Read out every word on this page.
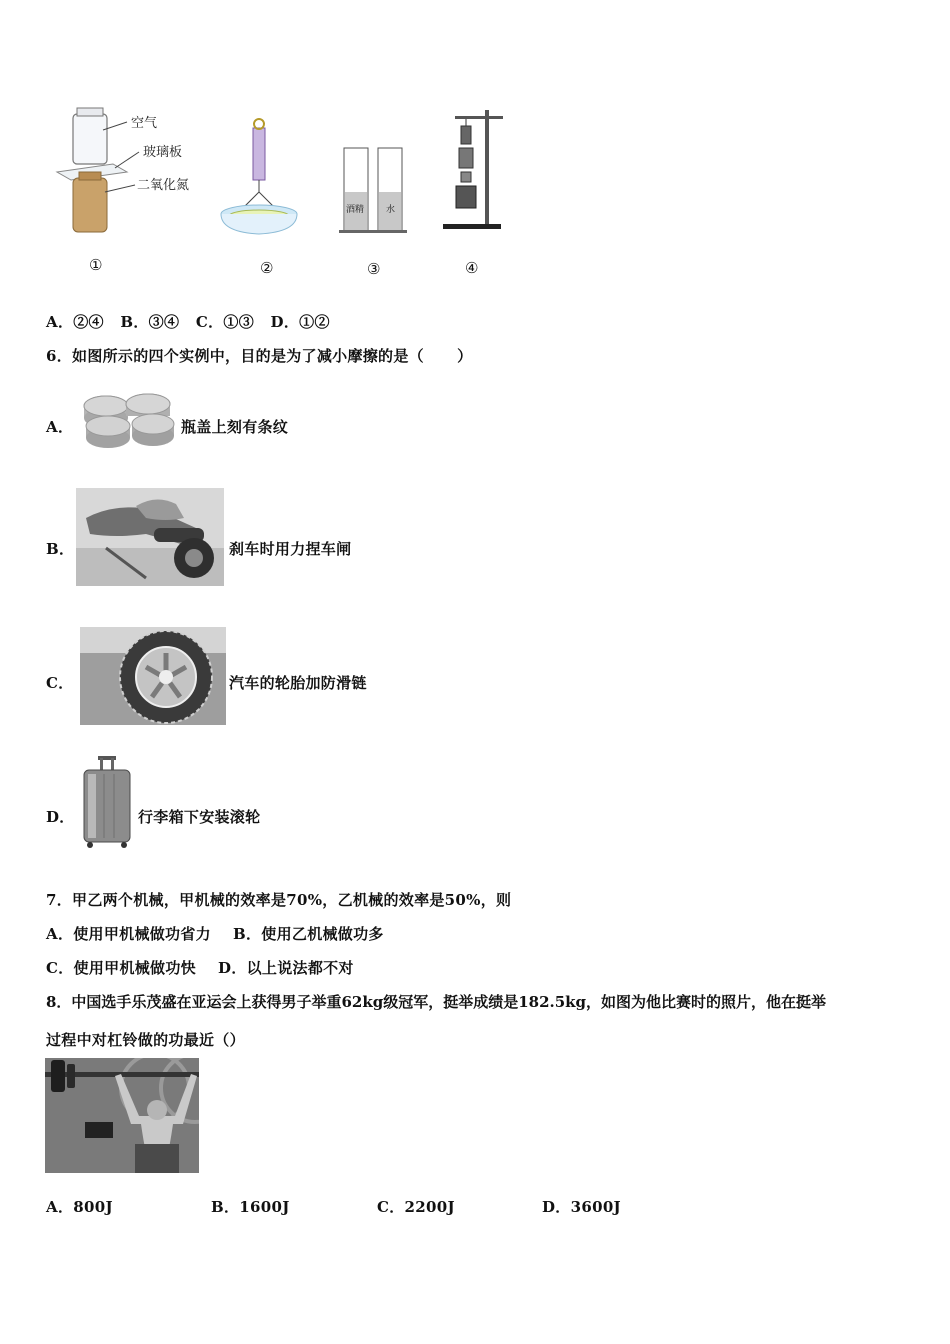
空气
玻璃板
二氧化氮
酒精 水
①	②	③	④
A．②④   B．③④   C．①③   D．①②
6．如图所示的四个实例中，目的是为了减小摩擦的是（      ）
A．	瓶盖上刻有条纹
B．	刹车时用力捏车闸
C．	汽车的轮胎加防滑链
D．	行李箱下安装滚轮
7．甲乙两个机械，甲机械的效率是70%，乙机械的效率是50%，则
A．使用甲机械做功省力    B．使用乙机械做功多
C．使用甲机械做功快    D．以上说法都不对
8．中国选手乐茂盛在亚运会上获得男子举重62kg级冠军，挺举成绩是182.5kg，如图为他比赛时的照片，他在挺举
过程中对杠铃做的功最近（）
A．800J	B．1600J	C．2200J	D．3600J
